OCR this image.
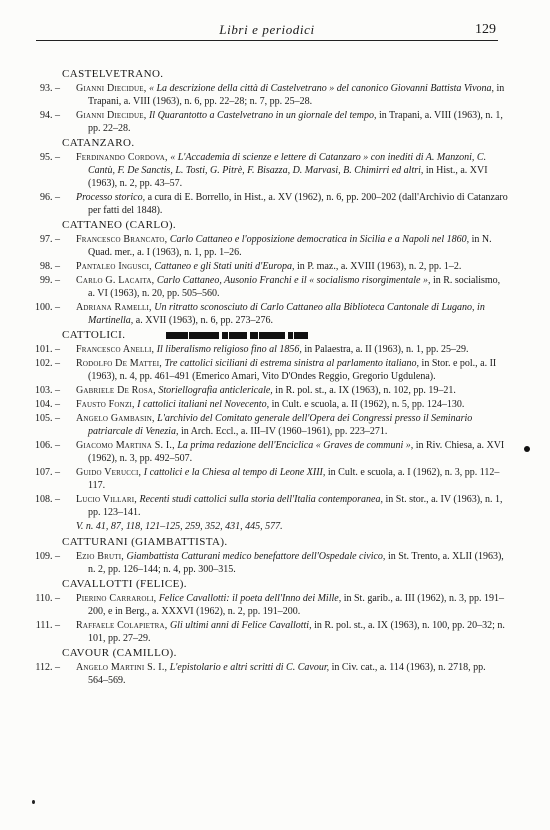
Libri e periodici	129
CASTELVETRANO.
93. –	Gianni Diecidue, « La descrizione della città di Castelvetrano » del canonico Giovanni Battista Vivona, in Trapani, a. VIII (1963), n. 6, pp. 22–28; n. 7, pp. 25–28.
94. –	Gianni Diecidue, Il Quarantotto a Castelvetrano in un giornale del tempo, in Trapani, a. VIII (1963), n. 1, pp. 22–28.
CATANZARO.
95. –	Ferdinando Cordova, « L'Accademia di scienze e lettere di Catanzaro » con inediti di A. Manzoni, C. Cantù, F. De Sanctis, L. Tosti, G. Pitrè, F. Bisazza, D. Marvasi, B. Chimirri ed altri, in Hist., a. XVI (1963), n. 2, pp. 43–57.
96. –	Processo storico, a cura di E. Borrello, in Hist., a. XV (1962), n. 6, pp. 200–202 (dall'Archivio di Catanzaro per fatti del 1848).
CATTANEO (CARLO).
97. –	Francesco Brancato, Carlo Cattaneo e l'opposizione democratica in Sicilia e a Napoli nel 1860, in N. Quad. mer., a. I (1963), n. 1, pp. 1–26.
98. –	Pantaleo Ingusci, Cattaneo e gli Stati uniti d'Europa, in P. maz., a. XVIII (1963), n. 2, pp. 1–2.
99. –	Carlo G. Lacaita, Carlo Cattaneo, Ausonio Franchi e il « socialismo risorgimentale », in R. socialismo, a. VI (1963), n. 20, pp. 505–560.
100. –	Adriana Ramelli, Un ritratto sconosciuto di Carlo Cattaneo alla Biblioteca Cantonale di Lugano, in Martinella, a. XVII (1963), n. 6, pp. 273–276.
CATTOLICI.
101. –	Francesco Anelli, Il liberalismo religioso fino al 1856, in Palaestra, a. II (1963), n. 1, pp. 25–29.
102. –	Rodolfo De Mattei, Tre cattolici siciliani di estrema sinistra al parlamento italiano, in Stor. e pol., a. II (1963), n. 4, pp. 461–491 (Emerico Amari, Vito D'Ondes Reggio, Gregorio Ugdulena).
103. –	Gabriele De Rosa, Storiellografia anticlericale, in R. pol. st., a. IX (1963), n. 102, pp. 19–21.
104. –	Fausto Fonzi, I cattolici italiani nel Novecento, in Cult. e scuola, a. II (1962), n. 5, pp. 124–130.
105. –	Angelo Gambasin, L'archivio del Comitato generale dell'Opera dei Congressi presso il Seminario patriarcale di Venezia, in Arch. Eccl., a. III–IV (1960–1961), pp. 223–271.
106. –	Giacomo Martina S. I., La prima redazione dell'Enciclica « Graves de communi », in Riv. Chiesa, a. XVI (1962), n. 3, pp. 492–507.
107. –	Guido Verucci, I cattolici e la Chiesa al tempo di Leone XIII, in Cult. e scuola, a. I (1962), n. 3, pp. 112–117.
108. –	Lucio Villari, Recenti studi cattolici sulla storia dell'Italia contemporanea, in St. stor., a. IV (1963), n. 1, pp. 123–141.
V. n. 41, 87, 118, 121–125, 259, 352, 431, 445, 577.
CATTURANI (GIAMBATTISTA).
109. –	Ezio Bruti, Giambattista Catturani medico benefattore dell'Ospedale civico, in St. Trento, a. XLII (1963), n. 2, pp. 126–144; n. 4, pp. 300–315.
CAVALLOTTI (FELICE).
110. –	Pierino Carraroli, Felice Cavallotti: il poeta dell'Inno dei Mille, in St. garib., a. III (1962), n. 3, pp. 191–200, e in Berg., a. XXXVI (1962), n. 2, pp. 191–200.
111. –	Raffaele Colapietra, Gli ultimi anni di Felice Cavallotti, in R. pol. st., a. IX (1963), n. 100, pp. 20–32; n. 101, pp. 27–29.
CAVOUR (CAMILLO).
112. –	Angelo Martini S. I., L'epistolario e altri scritti di C. Cavour, in Civ. cat., a. 114 (1963), n. 2718, pp. 564–569.
